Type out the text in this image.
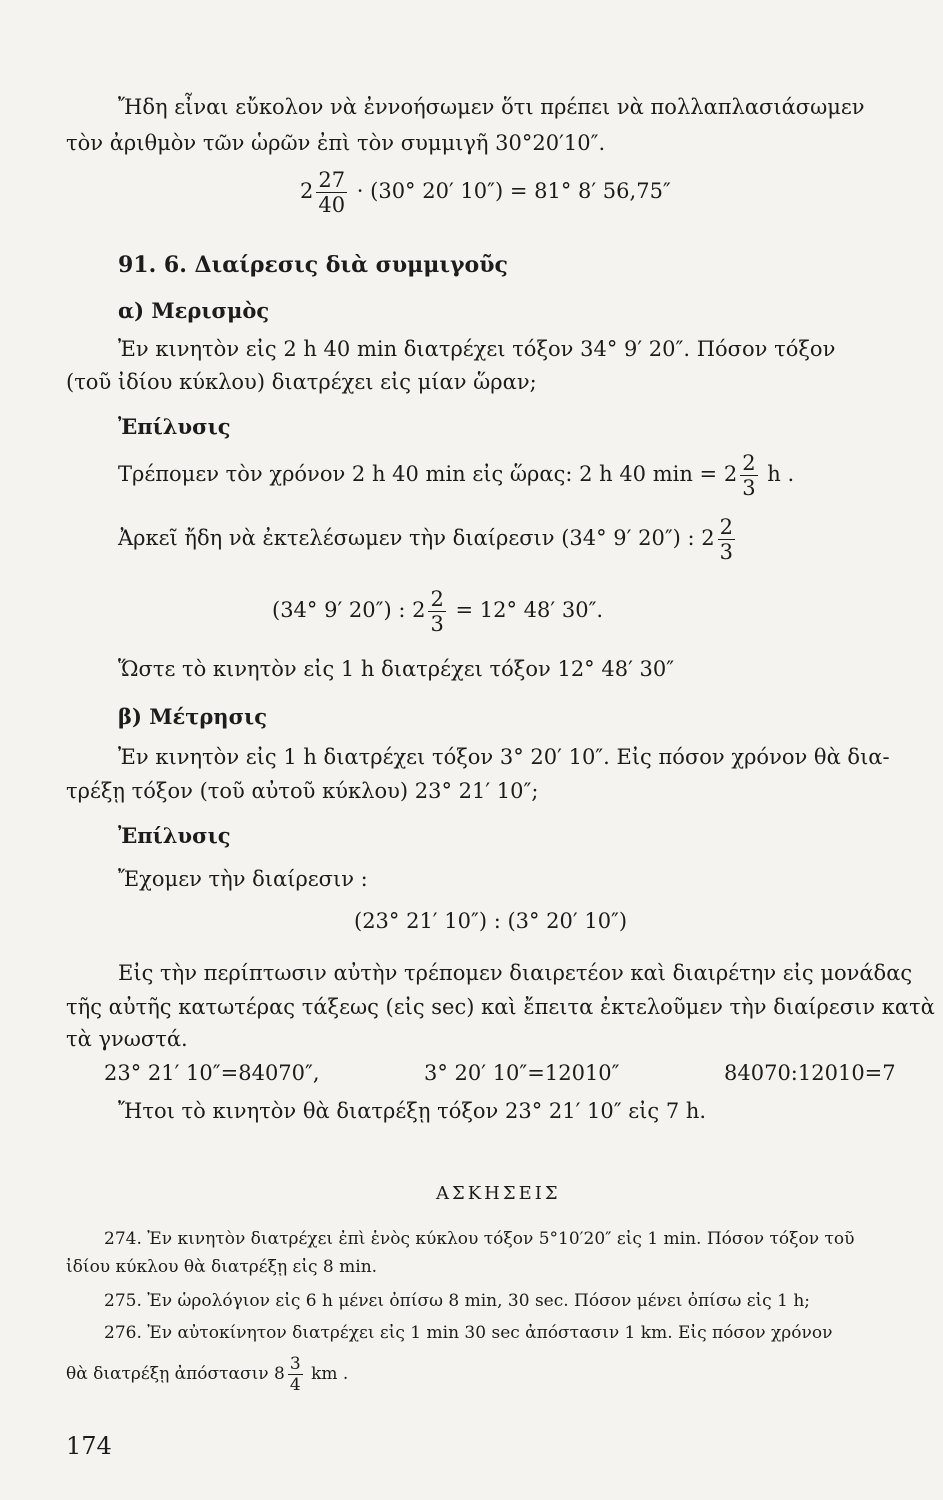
Ἤδη εἶναι εὔκολον νὰ ἐννοήσωμεν ὅτι πρέπει νὰ πολλαπλασιάσωμεν
τὸν ἀριθμὸν τῶν ὡρῶν ἐπὶ τὸν συμμιγῆ 30°20′10″.
$2 \frac{27}{40} \cdot (30^\circ$ 20′ 10″) = 81° 8′ 56,75″
91. 6. Διαίρεσις διὰ συμμιγοῦς
α) Μερισμὸς
Ἐν κινητὸν εἰς 2 h 40 min διατρέχει τόξον 34° 9′ 20″. Πόσον τόξον
(τοῦ ἰδίου κύκλου) διατρέχει εἰς μίαν ὥραν;
Ἐπίλυσις
Τρέπομεν τὸν χρόνον 2 h 40 min εἰς ὥρας: 2 h 40 $\min = 2 \frac{2}{3}$ h .
Ἀρκεῖ ἤδη νὰ ἐκτελέσωμεν τὴν διαίρεσιν (34° 9′ 20″) : $2 \frac{2}{3}$
(34° 9′ 20″) : $2 \frac{2}{3} = 12^\circ$ 48′ 30″.
Ὥστε τὸ κινητὸν εἰς 1 h διατρέχει τόξον 12° 48′ 30″
β) Μέτρησις
Ἐν κινητὸν εἰς 1 h διατρέχει τόξον 3° 20′ 10″. Εἰς πόσον χρόνον θὰ δια-
τρέξῃ τόξον (τοῦ αὐτοῦ κύκλου) 23° 21′ 10″;
Ἐπίλυσις
Ἔχομεν τὴν διαίρεσιν :
(23° 21′ 10″) : (3° 20′ 10″)
Εἰς τὴν περίπτωσιν αὐτὴν τρέπομεν διαιρετέον καὶ διαιρέτην εἰς μονάδας
τῆς αὐτῆς κατωτέρας τάξεως (εἰς sec) καὶ ἔπειτα ἐκτελοῦμεν τὴν διαίρεσιν κατὰ
τὰ γνωστά.
23° 21′ 10″=84070″,	3° 20′ 10″=12010″	84070:12010=7
Ἤτοι τὸ κινητὸν θὰ διατρέξῃ τόξον 23° 21′ 10″ εἰς 7 h.
ΑΣΚΗΣΕΙΣ
274. Ἐν κινητὸν διατρέχει ἐπὶ ἑνὸς κύκλου τόξον 5°10′20″ εἰς 1 min. Πόσον τόξον τοῦ
ἰδίου κύκλου θὰ διατρέξῃ εἰς 8 min.
275. Ἐν ὡρολόγιον εἰς 6 h μένει ὀπίσω 8 min, 30 sec. Πόσον μένει ὀπίσω εἰς 1 h;
276. Ἐν αὐτοκίνητον διατρέχει εἰς 1 min 30 sec ἀπόστασιν 1 km. Εἰς πόσον χρόνον
θὰ διατρέξῃ ἀπόστασιν $8 \frac{3}{4}$ km .
174
